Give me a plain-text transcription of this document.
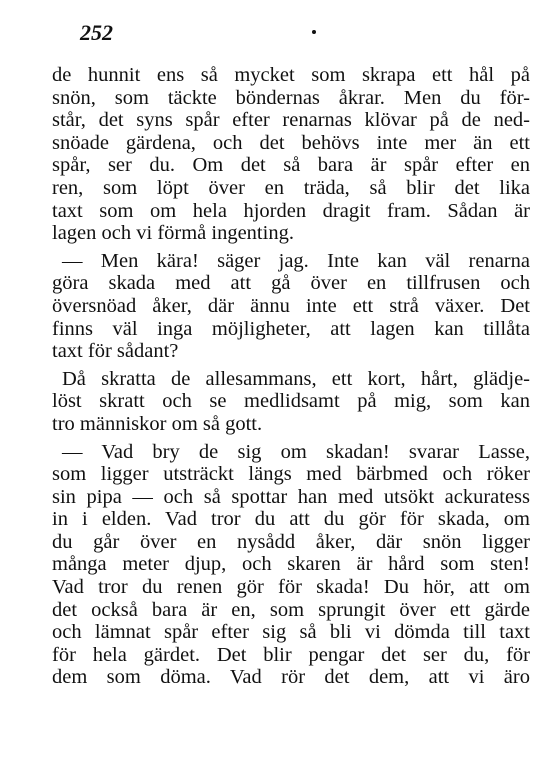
252
de hunnit ens så mycket som skrapa ett hål på
snön, som täckte böndernas åkrar. Men du för-
står, det syns spår efter renarnas klövar på de ned-
snöade gärdena, och det behövs inte mer än ett
spår, ser du. Om det så bara är spår efter en
ren, som löpt över en träda, så blir det lika
taxt som om hela hjorden dragit fram. Sådan är
lagen och vi förmå ingenting.
— Men kära! säger jag. Inte kan väl renarna
göra skada med att gå över en tillfrusen och
översnöad åker, där ännu inte ett strå växer. Det
finns väl inga möjligheter, att lagen kan tillåta
taxt för sådant?
Då skratta de allesammans, ett kort, hårt, glädje-
löst skratt och se medlidsamt på mig, som kan
tro människor om så gott.
— Vad bry de sig om skadan! svarar Lasse,
som ligger utsträckt längs med bärbmed och röker
sin pipa — och så spottar han med utsökt ackuratess
in i elden. Vad tror du att du gör för skada, om
du går över en nysådd åker, där snön ligger
många meter djup, och skaren är hård som sten!
Vad tror du renen gör för skada! Du hör, att om
det också bara är en, som sprungit över ett gärde
och lämnat spår efter sig så bli vi dömda till taxt
för hela gärdet. Det blir pengar det ser du, för
dem som döma. Vad rör det dem, att vi äro
